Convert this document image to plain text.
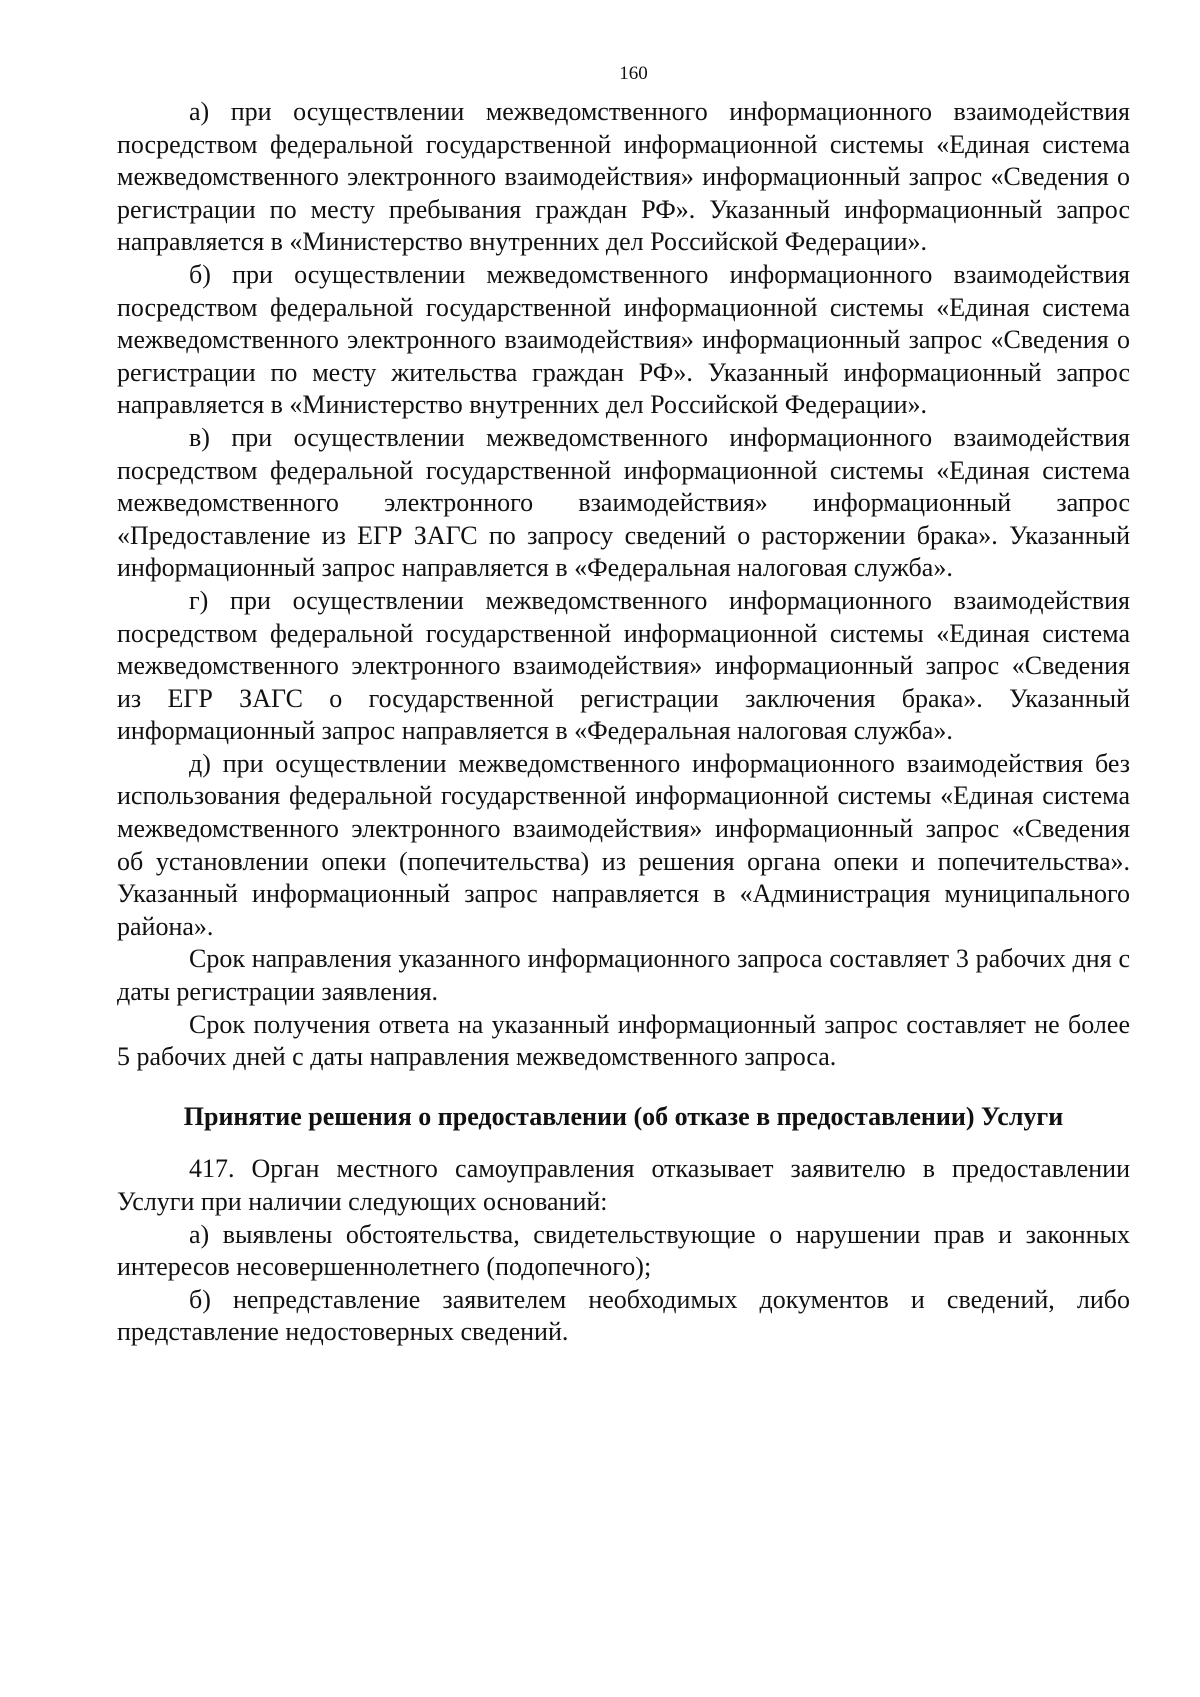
160

а) при осуществлении межведомственного информационного взаимодействия посредством федеральной государственной информационной системы «Единая система межведомственного электронного взаимодействия» информационный запрос «Сведения о регистрации по месту пребывания граждан РФ». Указанный информационный запрос направляется в «Министерство внутренних дел Российской Федерации».

б) при осуществлении межведомственного информационного взаимодействия посредством федеральной государственной информационной системы «Единая система межведомственного электронного взаимодействия» информационный запрос «Сведения о регистрации по месту жительства граждан РФ». Указанный информационный запрос направляется в «Министерство внутренних дел Российской Федерации».

в) при осуществлении межведомственного информационного взаимодействия посредством федеральной государственной информационной системы «Единая система межведомственного электронного взаимодействия» информационный запрос «Предоставление из ЕГР ЗАГС по запросу сведений о расторжении брака». Указанный информационный запрос направляется в «Федеральная налоговая служба».

г) при осуществлении межведомственного информационного взаимодействия посредством федеральной государственной информационной системы «Единая система межведомственного электронного взаимодействия» информационный запрос «Сведения из ЕГР ЗАГС о государственной регистрации заключения брака». Указанный информационный запрос направляется в «Федеральная налоговая служба».

д) при осуществлении межведомственного информационного взаимодействия без использования федеральной государственной информационной системы «Единая система межведомственного электронного взаимодействия» информационный запрос «Сведения об установлении опеки (попечительства) из решения органа опеки и попечительства». Указанный информационный запрос направляется в «Администрация муниципального района».

Срок направления указанного информационного запроса составляет 3 рабочих дня с даты регистрации заявления.

Срок получения ответа на указанный информационный запрос составляет не более 5 рабочих дней с даты направления межведомственного запроса.

Принятие решения о предоставлении (об отказе в предоставлении) Услуги

417. Орган местного самоуправления отказывает заявителю в предоставлении Услуги при наличии следующих оснований:

а) выявлены обстоятельства, свидетельствующие о нарушении прав и законных интересов несовершеннолетнего (подопечного);

б) непредставление заявителем необходимых документов и сведений, либо представление недостоверных сведений.
